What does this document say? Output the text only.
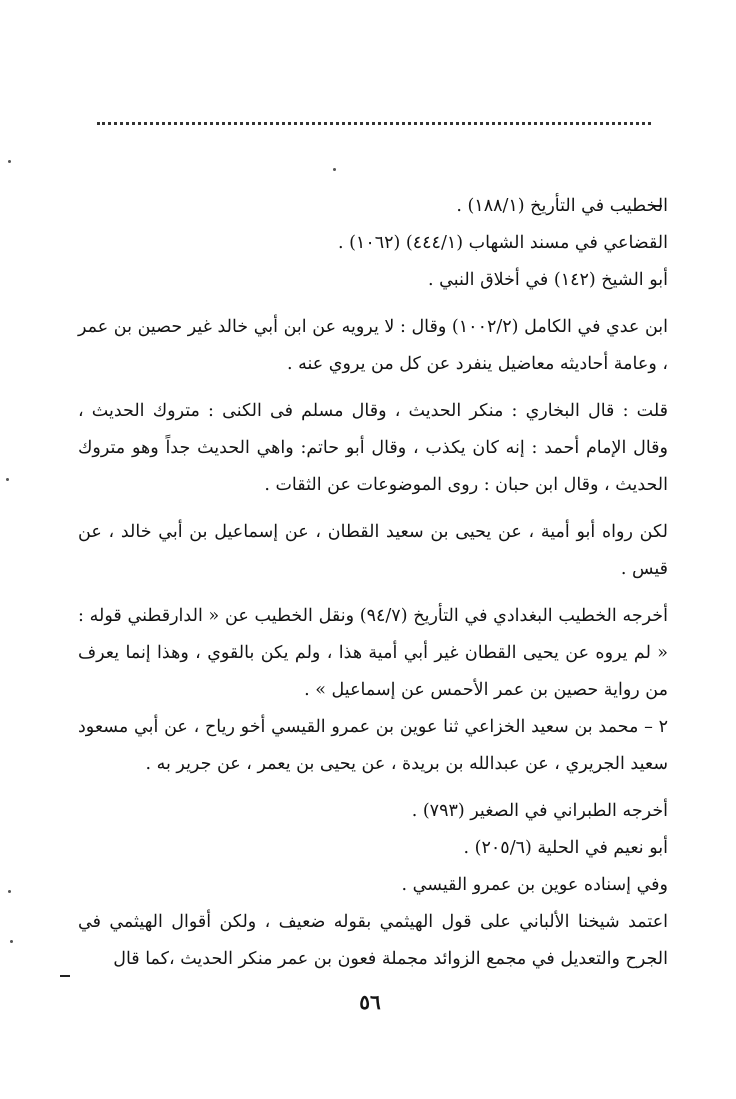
الخطيب في التأريخ (١٨٨/١) .

القضاعي في مسند الشهاب (٤٤٤/١) (١٠٦٢) .

أبو الشيخ (١٤٢) في أخلاق النبي .

ابن عدي في الكامل (١٠٠٢/٢) وقال : لا يرويه عن ابن أبي خالد غير حصين بن عمر ، وعامة أحاديثه معاضيل ينفرد عن كل من يروي عنه .

قلت : قال البخاري : منكر الحديث ، وقال مسلم فى الكنى : متروك الحديث ، وقال الإمام أحمد : إنه كان يكذب ، وقال أبو حاتم: واهي الحديث جداً وهو متروك الحديث ، وقال ابن حبان : روى الموضوعات عن الثقات .

لكن رواه أبو أمية ، عن يحيى بن سعيد القطان ، عن إسماعيل بن أبي خالد ، عن قيس .

أخرجه الخطيب البغدادي في التأريخ (٩٤/٧) ونقل الخطيب عن « الدارقطني قوله : « لم يروه عن يحيى القطان غير أبي أمية هذا ، ولم يكن بالقوي ، وهذا إنما يعرف من رواية حصين بن عمر الأحمس عن إسماعيل » .

٢ – محمد بن سعيد الخزاعي ثنا عوين بن عمرو القيسي أخو رياح ، عن أبي مسعود سعيد الجريري ، عن عبدالله بن بريدة ، عن يحيى بن يعمر ، عن جرير به .

أخرجه الطبراني في الصغير (٧٩٣) .

أبو نعيم في الحلية (٢٠٥/٦) .

وفي إسناده عوين بن عمرو القيسي .

اعتمد شيخنا الألباني على قول الهيثمي بقوله ضعيف ، ولكن أقوال الهيثمي في الجرح والتعديل في مجمع الزوائد مجملة فعون بن عمر منكر الحديث ،كما قال

٥٦
